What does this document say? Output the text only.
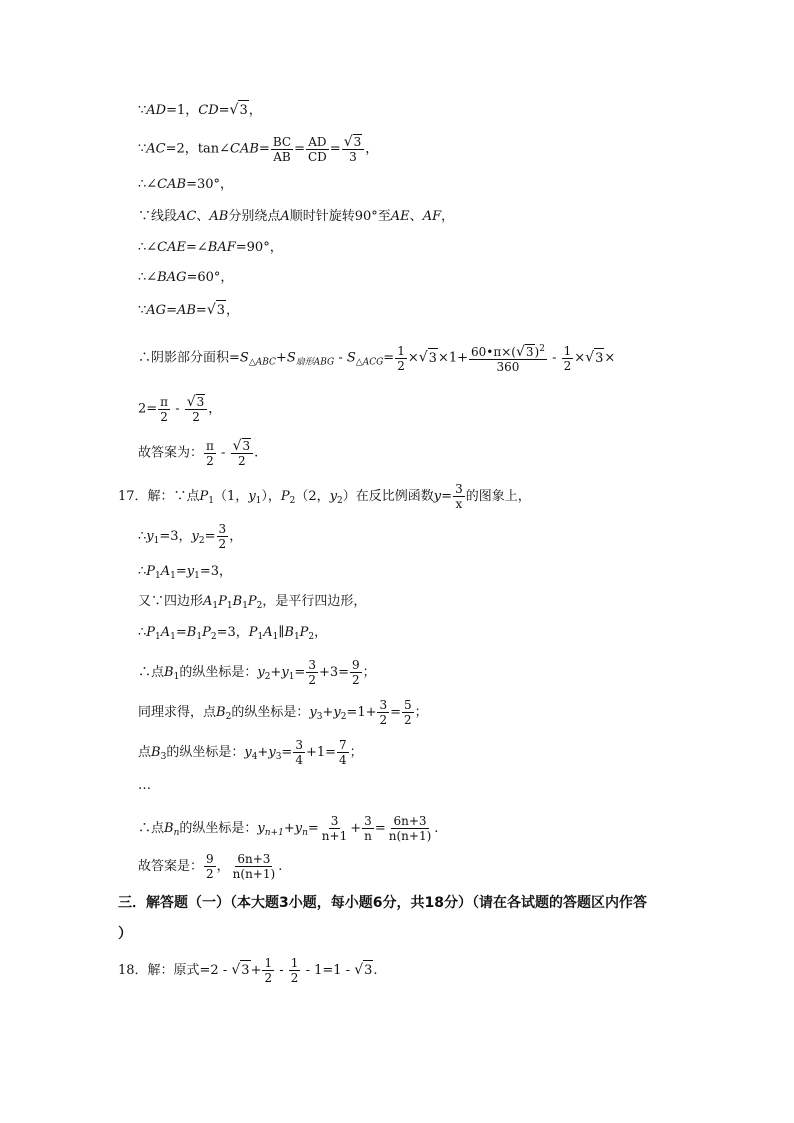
∵AD=1，CD=√3，
∵AC=2，tan∠CAB= $\frac{BC}{AB} = \frac{AD}{CD} = \frac{√3}{3}$ ，
∴∠CAB=30°，
∵线段AC、AB分别绕点A顺时针旋转90°至AE、AF，
∴∠CAE=∠BAF=90°，
∴∠BAG=60°，
∵AG=AB=√3，
∴阴影部分面积$=S_{\triangle ABC}+S_{扇形ABG} - S_{\triangle ACG}= \frac{1}{2} \times√3\times 1+ \frac{60•\pi\times(√3)^2}{360} - \frac{1}{2} \times√3\times$
$2= \frac{\pi}{2} - \frac{√3}{2}$ ，
故答案为： $\frac{\pi}{2} - \frac{√3}{2}$ .
17．解：∵点$P_1(1$，$y_1$），$P_2(2$，$y_2$）在反比例函数$y= \frac{3}{x}$ 的图象上，
$\therefore y_1=3$，$y_2= \frac{3}{2}$ ，
$\therefore P_1A_1=y_1=3$，
又∵四边形$A_1P_1B_1P_2$，是平行四边形，
$\therefore P_1A_1=B_1P_2=3$，$P_1A_1\parallel B_1P_2$，
∴点$B_1$的纵坐标是：$y_2+y_1= \frac{3}{2} +3= \frac{9}{2}$ ；
同理求得，点$B_2$的纵坐标是：$y_3+y_2=1+ \frac{3}{2} = \frac{5}{2}$ ；
点$B_3$的纵坐标是：$y_4+y_3= \frac{3}{4} +1= \frac{7}{4}$ ；
…
∴点$B_n$的纵坐标是：$y_{n+1}+y_n= \frac{3}{n+1} + \frac{3}{n} = \frac{6n+3}{n(n+1)}$ .
故答案是： $\frac{9}{2}$ ， $\frac{6n+3}{n(n+1)}$ .
三．解答题（一）（本大题3小题，每小题6分，共18分）（请在各试题的答题区内作答
）
18．解：原式$=2 - √3+ \frac{1}{2} - \frac{1}{2} - 1=1 - √3$.
